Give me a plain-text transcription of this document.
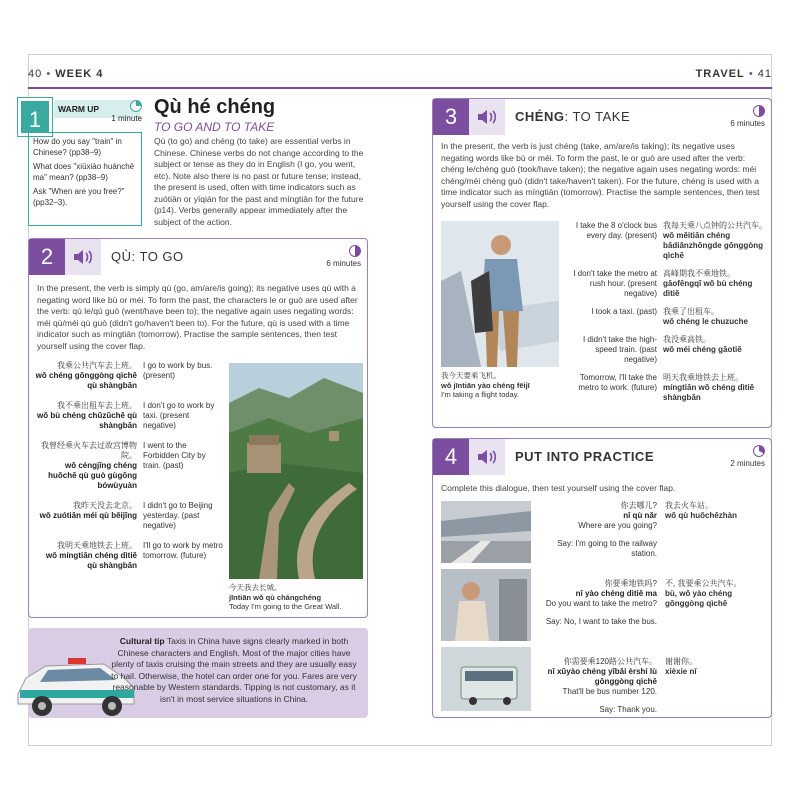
40 • WEEK 4	TRAVEL • 41
1	WARM UP

1 minute
How do you say "train" in Chinese? (pp38–9)
What does "xiūxiào huánchē ma" mean? (pp38–9)
Ask "When are you free?" (pp32–3).
Qù hé chéng
TO GO AND TO TAKE
Qù (to go) and chéng (to take) are essential verbs in Chinese. Chinese verbs do not change according to the subject or tense as they do in English (I go, you went, etc). Note also there is no past or future tense; instead, the present is used, often with time indicators such as zuótiān or yīqián for the past and míngtiān for the future (p14). Verbs generally appear immediately after the subject of the action.
2	QÙ: TO GO	6 minutes
In the present, the verb is simply qù (go, am/are/is going); its negative uses qù with a negating word like bù or méi. To form the past, the characters le or guò are used after the verb: qù le/qù guò (went/have been to); the negative again uses negating words: méi qù/méi qù guò (didn't go/haven't been to). For the future, qù is used with a time indicator such as míngtiān (tomorrow). Practise the sample sentences, then test yourself using the cover flap.
我乘公共汽车去上班。
wǒ chéng gōnggòng qìchē qù shàngbān
I go to work by bus. (present)
我不乘出租车去上班。
wǒ bù chéng chūzūchē qù shàngbān
I don't go to work by taxi. (present negative)
我曾经乘火车去过故宫博物院。
wǒ céngjīng chéng huǒchē qù guò gùgōng bówùyuàn
I went to the Forbidden City by train. (past)
我昨天没去北京。
wǒ zuótiān méi qù běijīng
I didn't go to Beijing yesterday. (past negative)
我明天乘地铁去上班。
wǒ míngtiān chéng dìtiě qù shàngbān
I'll go to work by metro tomorrow. (future)
今天我去长城。
jīntiān wǒ qù chángchéng
Today I'm going to the Great Wall.
Cultural tip Taxis in China have signs clearly marked in both Chinese characters and English. Most of the major cities have plenty of taxis cruising the main streets and they are usually easy to hail. Otherwise, the hotel can order one for you. Fares are very reasonable by Western standards. Tipping is not customary, as it isn't in most service situations in China.
3	CHÉNG: TO TAKE	6 minutes
In the present, the verb is just chéng (take, am/are/is taking); its negative uses negating words like bù or méi. To form the past, le or guò are used after the verb: chéng le/chéng guò (took/have taken); the negative again uses negating words: méi chéng/méi chéng guò (didn't take/haven't taken). For the future, chéng is used with a time indicator such as míngtiān (tomorrow). Practise the sample sentences, then test yourself using the cover flap.
我今天要乘飞机。
wǒ jīntiān yào chéng fēijī
I'm taking a flight today.
I take the 8 o'clock bus every day. (present)
我每天乘八点钟的公共汽车。
wǒ měitiān chéng bādiǎnzhōngde gōnggòng qìchē
I don't take the metro at rush hour. (present negative)
高峰期我不乘地铁。
gāofēngqī wǒ bù chéng dìtiě
I took a taxi. (past) 我乘了出租车。
wǒ chéng le chuzuche
I didn't take the high-speed train. (past negative)
我没乘高铁。
wǒ méi chéng gāotiě
Tomorrow, I'll take the metro to work. (future)
明天我乘地铁去上班。
míngtiān wǒ chéng dìtiě shàngbān
4	PUT INTO PRACTICE	2 minutes
Complete this dialogue, then test yourself using the cover flap.
你去哪儿?
nǐ qù nǎr
Where are you going?
Say: I'm going to the railway station.
我去火车站。
wǒ qù huǒchēzhàn
你要乘地铁吗?
nǐ yào chéng dìtiě ma
Do you want to take the metro?
Say: No, I want to take the bus.
不, 我要乘公共汽车。
bù, wǒ yào chéng gōnggòng qìchē
你需要乘120路公共汽车。
nǐ xūyào chéng yībǎi èrshí lù gōnggòng qìchē
That'll be bus number 120.
Say: Thank you.
谢谢你。
xièxie nǐ
